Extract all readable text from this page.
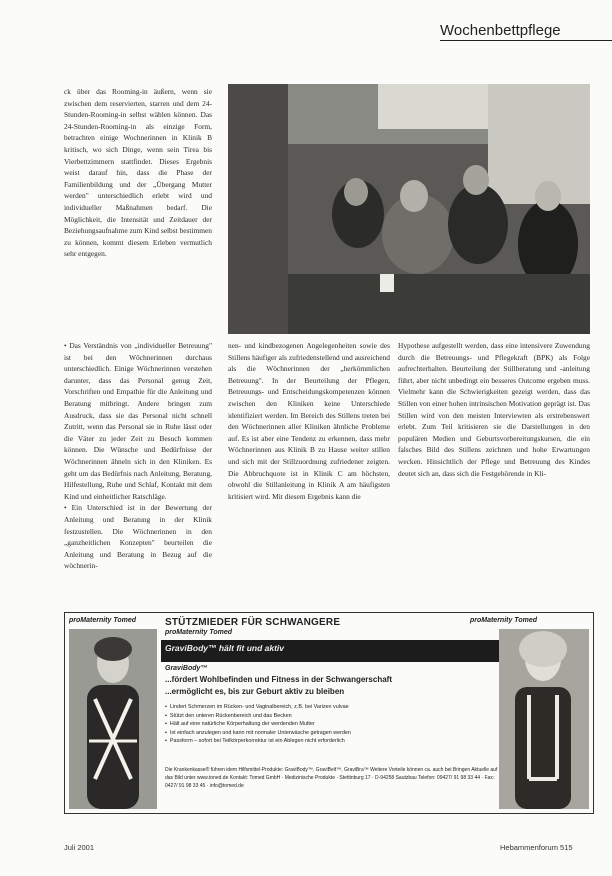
Wochenbettpflege

ck über das Rooming-in äußern, wenn sie zwischen dem reservierten, starren und dem 24-Stunden-Rooming-in selbst wählen können. Das 24-Stunden-Rooming-in als einzige Form, betrachten einige Wochnerinnen in Klinik B kritisch, wo sich Dinge, wenn sein Tirea bis Vierbettzimmern stattfindet. Dieses Ergebnis weist darauf hin, dass die Phase der Familienbildung und der „Übergang Mutter werden" unterschiedlich erlebt wird und individueller Maßnahmen bedarf. Die Möglichkeit, die Intensität und Zeitdauer der Beziehungsaufnahme zum Kind selbst bestimmen zu können, kommt diesem Erleben vermutlich sehr entgegen.

• Das Verständnis von „individueller Betreuung" ist bei den Wöchnerinnen durchaus unterschiedlich. Einige Wöchnerinnen verstehen darunter, dass das Personal genug Zeit, Vorschriften und Empathie für die Anleitung und Beratung mitbringt. Andere bringen zum Ausdruck, dass sie das Personal nicht schnell Zutritt, wenn das Personal sie in Ruhe lässt oder die Väter zu jeder Zeit zu Besuch kommen können. Die Wünsche und Bedürfnisse der Wöchnerinnen ähneln sich in den Kliniken. Es geht um das Bedürfnis nach Anleitung, Beratung, Hilfestellung, Ruhe und Schlaf, Kontakt mit dem Kind und einheitlicher Ratschläge.

• Ein Unterschied ist in der Bewertung der Anleitung und Beratung in der Klinik festzustellen. Die Wöchnerinnen in den „ganzheitlichen Konzepten" beurteilen die Anleitung und Beratung in Bezug auf die wöchnerin-

nen- und kindbezogenen Angelegenheiten sowie des Stillens häufiger als zufriedenstellend und ausreichend als die Wöchnerinnen der „herkömmlichen Betreuung". In der Beurteilung der Pflegen, Betreuungs- und Entscheidungskompetenzen können zwischen den Kliniken keine Unterschiede identifiziert werden. Im Bereich des Stillens treten bei den Wöchnerinnen aller Kliniken ähnliche Probleme auf. Es ist aber eine Tendenz zu erkennen, dass mehr Wöchnerinnen aus Klinik B zu Hause weiter stillen und sich mit der Stillzuordnung zufriedener zeigten. Die Abbruchquote ist in Klinik C am höchsten, obwohl die Stillanleitung in Klinik A am häufigsten kritisiert wird. Mit diesem Ergebnis kann die

Hypothese aufgestellt werden, dass eine intensivere Zuwendung durch die Betreuungs- und Pflegekraft (BPK) als Folge aufrechterhalten. Beurteilung der Stillberatung und -anleitung führt, aber nicht unbedingt ein besseres Outcome ergeben muss. Vielmehr kann die Schwierigkeiten gezeigt werden, dass das Stillen von einer hohen intrinsischen Motivation geprägt ist. Das Stillen wird von den meisten Interviewten als erstrebenswert erlebt. Zum Teil kritisieren sie die Darstellungen in den populären Medien und Geburtsvorbereitungskursen, die ein falsches Bild des Stillens zeichnen und hohe Erwartungen wecken. Hinsichtlich der Pflege und Betreuung des Kindes deutet sich an, dass sich die Festgehörende in Kli-

proMaternity Tomed	proMaternity Tomed
STÜTZMIEDER FÜR SCHWANGERE
proMaternity Tomed
GraviBody™ hält fit und aktiv
GraviBody™
...fördert Wohlbefinden und Fitness in der Schwangerschaft
...ermöglicht es, bis zur Geburt aktiv zu bleiben
▪ Lindert Schmerzen im Rücken- und Vaginalbereich, z.B. bei Varizen vulvae
▪ Stützt den unteren Rückenbereich und das Becken
▪ Hält auf eine natürliche Körperhaltung der werdenden Mutter
▪ Ist einfach anzulegen und kann mit normaler Unterwäsche getragen werden
▪ Passform – sofort bei Teilkörperkorrektur ist ein Ablegen nicht erforderlich
Die Krankenkasse® führen idem Hilfsmittel-Produkte: GraviBody™, GraviBelt™, GraviBra™ Weitere Vorteile können ca. auch bei Bringen Aktuelle auf das Bild unter www.toned.de Kontakt: Tomed GmbH · Medizinische Produkte · Stettinburg 17 · D-94258 Sautzbau Telefon: 09427/ 91 98 33 44 · Fax: 0427/ 91 98 33 45 · info@tomed.de
Juli 2001	Hebammenforum 515
